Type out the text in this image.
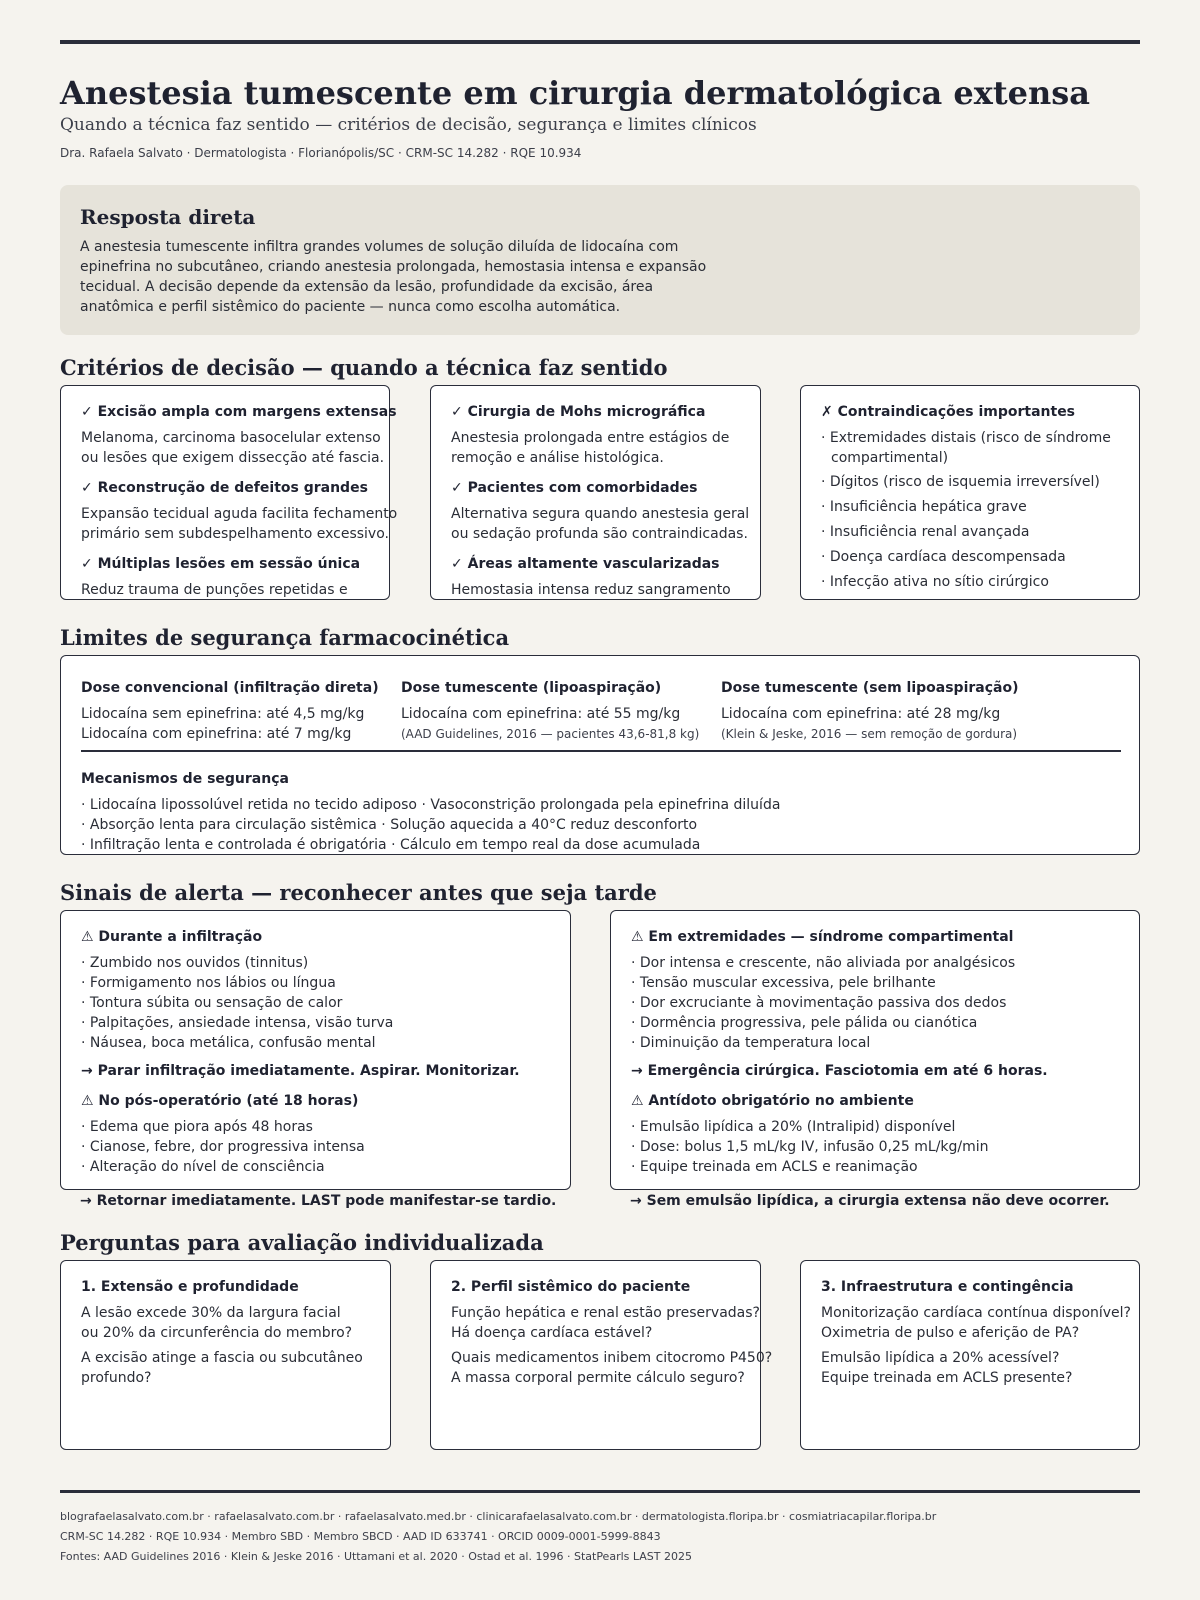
Anestesia tumescente em cirurgia dermatológica extensa
Quando a técnica faz sentido — critérios de decisão, segurança e limites clínicos
Dra. Rafaela Salvato · Dermatologista · Florianópolis/SC · CRM-SC 14.282 · RQE 10.934
Resposta direta

A anestesia tumescente infiltra grandes volumes de solução diluída de lidocaína com
epinefrina no subcutâneo, criando anestesia prolongada, hemostasia intensa e expansão
tecidual. A decisão depende da extensão da lesão, profundidade da excisão, área
anatômica e perfil sistêmico do paciente — nunca como escolha automática.

Critérios de decisão — quando a técnica faz sentido
✓ Excisão ampla com margens extensas
Melanoma, carcinoma basocelular extenso
ou lesões que exigem dissecção até fascia.
✓ Reconstrução de defeitos grandes
Expansão tecidual aguda facilita fechamento
primário sem subdespelhamento excessivo.
✓ Múltiplas lesões em sessão única
Reduz trauma de punções repetidas e
✓ Cirurgia de Mohs micrográfica
Anestesia prolongada entre estágios de
remoção e análise histológica.
✓ Pacientes com comorbidades
Alternativa segura quando anestesia geral
ou sedação profunda são contraindicadas.
✓ Áreas altamente vascularizadas
Hemostasia intensa reduz sangramento
✗ Contraindicações importantes
· Extremidades distais (risco de síndrome
compartimental)
· Dígitos (risco de isquemia irreversível)
· Insuficiência hepática grave
· Insuficiência renal avançada
· Doença cardíaca descompensada
· Infecção ativa no sítio cirúrgico
Limites de segurança farmacocinética
Dose convencional (infiltração direta)
Lidocaína sem epinefrina: até 4,5 mg/kg
Lidocaína com epinefrina: até 7 mg/kg
Dose tumescente (lipoaspiração)
Lidocaína com epinefrina: até 55 mg/kg
(AAD Guidelines, 2016 — pacientes 43,6-81,8 kg)
Dose tumescente (sem lipoaspiração)
Lidocaína com epinefrina: até 28 mg/kg
(Klein & Jeske, 2016 — sem remoção de gordura)
Mecanismos de segurança
· Lidocaína lipossolúvel retida no tecido adiposo · Vasoconstrição prolongada pela epinefrina diluída
· Absorção lenta para circulação sistêmica · Solução aquecida a 40°C reduz desconforto
· Infiltração lenta e controlada é obrigatória · Cálculo em tempo real da dose acumulada
Sinais de alerta — reconhecer antes que seja tarde
⚠ Durante a infiltração
· Zumbido nos ouvidos (tinnitus)
· Formigamento nos lábios ou língua
· Tontura súbita ou sensação de calor
· Palpitações, ansiedade intensa, visão turva
· Náusea, boca metálica, confusão mental
→ Parar infiltração imediatamente. Aspirar. Monitorizar.
⚠ No pós-operatório (até 18 horas)
· Edema que piora após 48 horas
· Cianose, febre, dor progressiva intensa
· Alteração do nível de consciência
→ Retornar imediatamente. LAST pode manifestar-se tardio.
⚠ Em extremidades — síndrome compartimental
· Dor intensa e crescente, não aliviada por analgésicos
· Tensão muscular excessiva, pele brilhante
· Dor excruciante à movimentação passiva dos dedos
· Dormência progressiva, pele pálida ou cianótica
· Diminuição da temperatura local
→ Emergência cirúrgica. Fasciotomia em até 6 horas.
⚠ Antídoto obrigatório no ambiente
· Emulsão lipídica a 20% (Intralipid) disponível
· Dose: bolus 1,5 mL/kg IV, infusão 0,25 mL/kg/min
· Equipe treinada em ACLS e reanimação
→ Sem emulsão lipídica, a cirurgia extensa não deve ocorrer.
Perguntas para avaliação individualizada
1. Extensão e profundidade
A lesão excede 30% da largura facial
ou 20% da circunferência do membro?
A excisão atinge a fascia ou subcutâneo
profundo?
2. Perfil sistêmico do paciente
Função hepática e renal estão preservadas?
Há doença cardíaca estável?
Quais medicamentos inibem citocromo P450?
A massa corporal permite cálculo seguro?
3. Infraestrutura e contingência
Monitorização cardíaca contínua disponível?
Oximetria de pulso e aferição de PA?
Emulsão lipídica a 20% acessível?
Equipe treinada em ACLS presente?
blografaelasalvato.com.br · rafaelasalvato.com.br · rafaelasalvato.med.br · clinicarafaelasalvato.com.br · dermatologista.floripa.br · cosmiatriacapilar.floripa.br
CRM-SC 14.282 · RQE 10.934 · Membro SBD · Membro SBCD · AAD ID 633741 · ORCID 0009-0001-5999-8843
Fontes: AAD Guidelines 2016 · Klein & Jeske 2016 · Uttamani et al. 2020 · Ostad et al. 1996 · StatPearls LAST 2025
